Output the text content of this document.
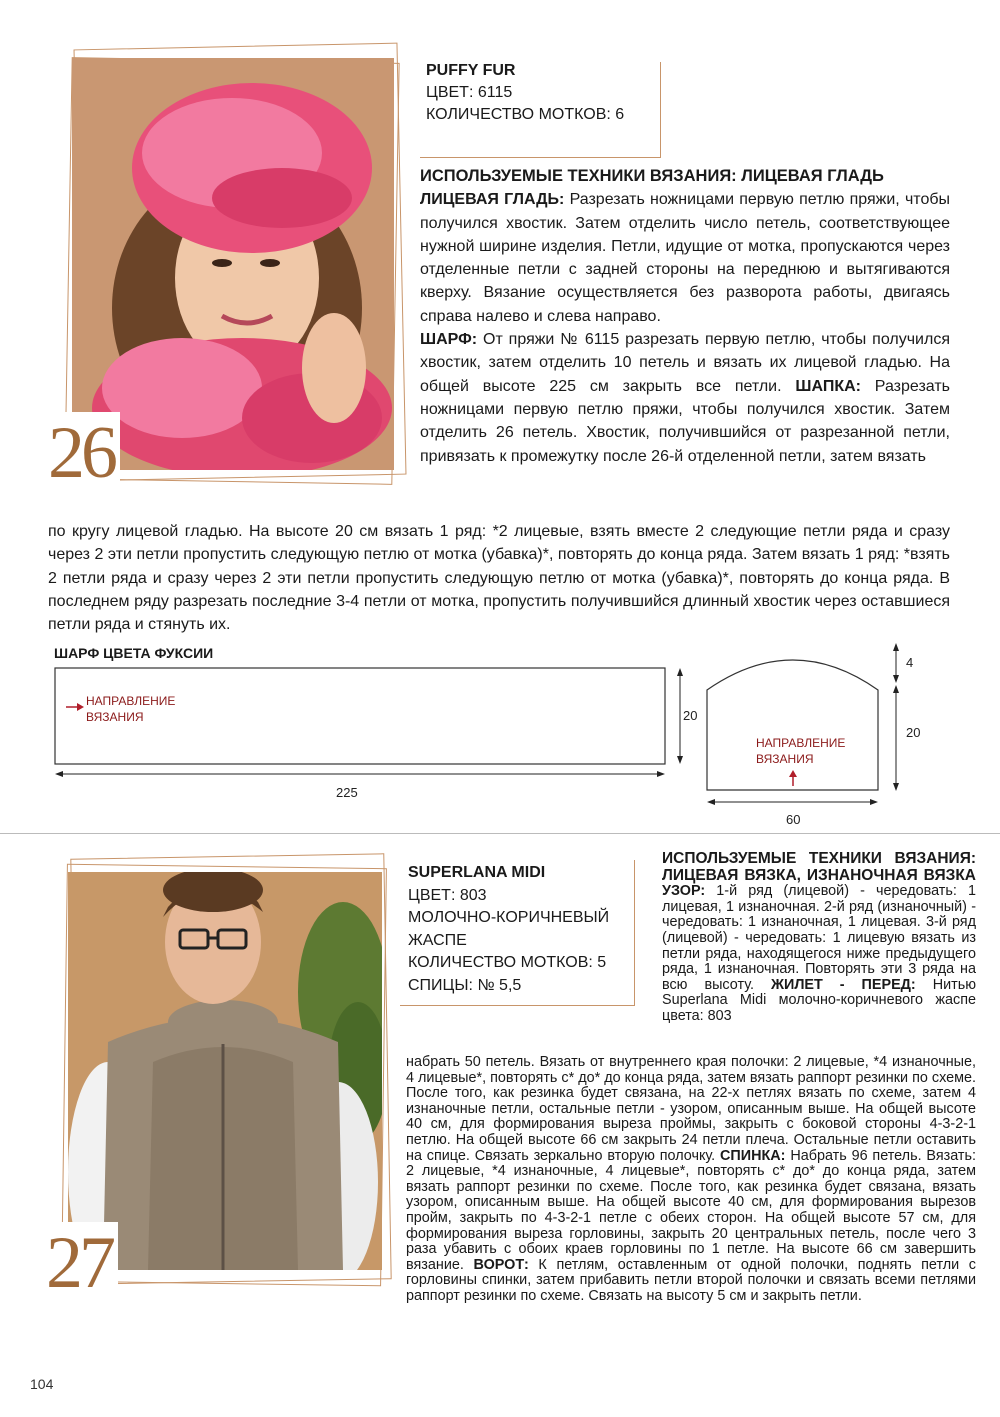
26
PUFFY FUR
ЦВЕТ: 6115
КОЛИЧЕСТВО МОТКОВ: 6
ИСПОЛЬЗУЕМЫЕ ТЕХНИКИ ВЯЗАНИЯ: ЛИЦЕВАЯ ГЛАДЬ
ЛИЦЕВАЯ ГЛАДЬ: Разрезать ножницами первую петлю пряжи, чтобы получился хвостик. Затем отделить число петель, соответствующее нужной ширине изделия. Петли, идущие от мотка, пропускаются через отделенные петли с задней стороны на переднюю и вытягиваются кверху. Вязание осуществляется без разворота работы, двигаясь справа налево и слева направо.
ШАРФ: От пряжи № 6115 разрезать первую петлю, чтобы получился хвостик, затем отделить 10 петель и вязать их лицевой гладью. На общей высоте 225 см закрыть все петли. ШАПКА: Разрезать ножницами первую петлю пряжи, чтобы получился хвостик. Затем отделить 26 петель. Хвостик, получившийся от разрезанной петли, привязать к промежутку после 26-й отделенной петли, затем вязать
по кругу лицевой гладью. На высоте 20 см вязать 1 ряд: *2 лицевые, взять вместе 2 следующие петли ряда и сразу через 2 эти петли пропустить следующую петлю от мотка (убавка)*, повторять до конца ряда. Затем вязать 1 ряд: *взять 2 петли ряда и сразу через 2 эти петли пропустить следующую петлю от мотка (убавка)*, повторять до конца ряда. В последнем ряду разрезать последние 3-4 петли от мотка, пропустить получившийся длинный хвостик через оставшиеся петли ряда и стянуть их.
ШАРФ ЦВЕТА ФУКСИИ
НАПРАВЛЕНИЕ
ВЯЗАНИЯ
НАПРАВЛЕНИЕ
ВЯЗАНИЯ
225
20
4
20
60
27
SUPERLANA MIDI
ЦВЕТ: 803
МОЛОЧНО-КОРИЧНЕВЫЙ
ЖАСПЕ
КОЛИЧЕСТВО МОТКОВ: 5
СПИЦЫ: № 5,5
ИСПОЛЬЗУЕМЫЕ ТЕХНИКИ ВЯЗАНИЯ: ЛИЦЕВАЯ ВЯЗКА, ИЗНАНОЧНАЯ ВЯЗКА УЗОР: 1-й ряд (лицевой) - чередовать: 1 лицевая, 1 изнаночная. 2-й ряд (изнаночный) - чередовать: 1 изнаночная, 1 лицевая. 3-й ряд (лицевой) - чередовать: 1 лицевую вязать из петли ряда, находящегося ниже предыдущего ряда, 1 изнаночная. Повторять эти 3 ряда на всю высоту. ЖИЛЕТ - ПЕРЕД: Нитью Superlana Midi молочно-коричневого жаспе цвета: 803
набрать 50 петель. Вязать от внутреннего края полочки: 2 лицевые, *4 изнаночные, 4 лицевые*, повторять с* до* до конца ряда, затем вязать раппорт резинки по схеме. После того, как резинка будет связана, на 22-х петлях вязать по схеме, затем 4 изнаночные петли, остальные петли - узором, описанным выше. На общей высоте 40 см, для формирования выреза проймы, закрыть с боковой стороны 4-3-2-1 петлю. На общей высоте 66 см закрыть 24 петли плеча. Остальные петли оставить на спице. Связать зеркально вторую полочку. СПИНКА: Набрать 96 петель. Вязать: 2 лицевые, *4 изнаночные, 4 лицевые*, повторять с* до* до конца ряда, затем вязать раппорт резинки по схеме. После того, как резинка будет связана, вязать узором, описанным выше. На общей высоте 40 см, для формирования вырезов пройм, закрыть по 4-3-2-1 петле с обеих сторон. На общей высоте 57 см, для формирования выреза горловины, закрыть 20 центральных петель, после чего 3 раза убавить с обоих краев горловины по 1 петле. На высоте 66 см завершить вязание. ВОРОТ: К петлям, оставленным от одной полочки, поднять петли с горловины спинки, затем прибавить петли второй полочки и связать всеми петлями раппорт резинки по схеме. Связать на высоту 5 см и закрыть петли.
104
